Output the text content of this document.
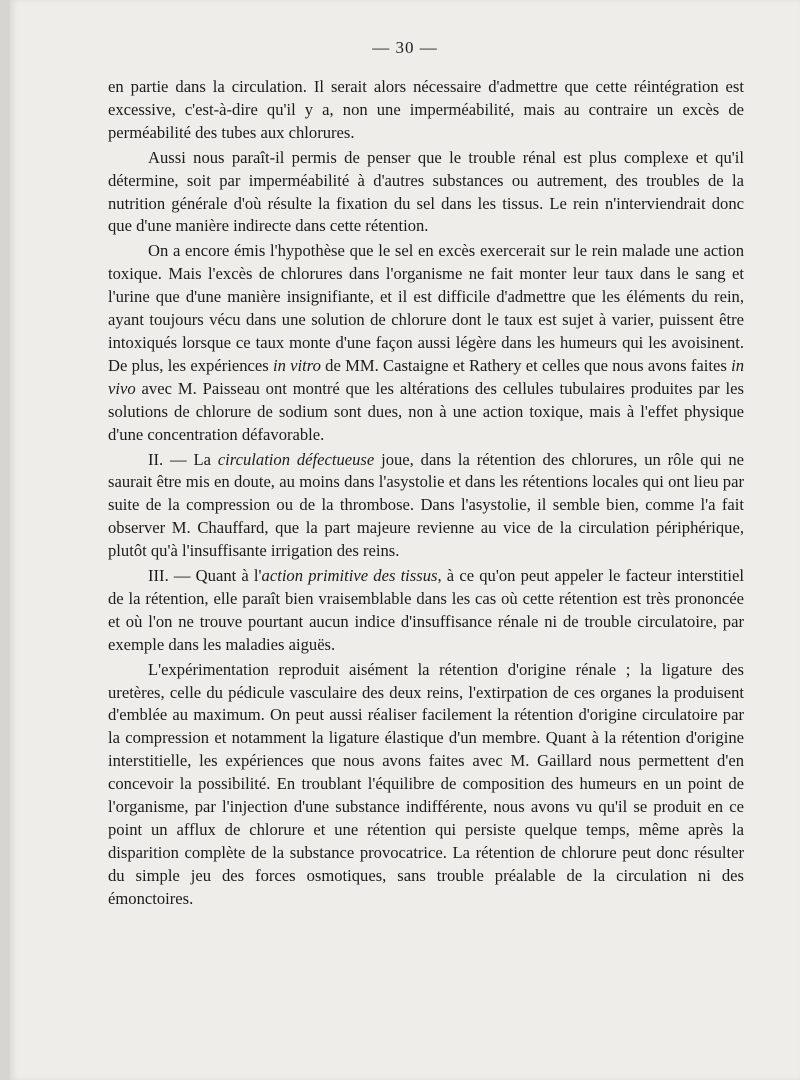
— 30 —

en partie dans la circulation. Il serait alors nécessaire d'admettre que cette réintégration est excessive, c'est-à-dire qu'il y a, non une imperméabilité, mais au contraire un excès de perméabilité des tubes aux chlorures.

Aussi nous paraît-il permis de penser que le trouble rénal est plus complexe et qu'il détermine, soit par imperméabilité à d'autres substances ou autrement, des troubles de la nutrition générale d'où résulte la fixation du sel dans les tissus. Le rein n'interviendrait donc que d'une manière indirecte dans cette rétention.

On a encore émis l'hypothèse que le sel en excès exercerait sur le rein malade une action toxique. Mais l'excès de chlorures dans l'organisme ne fait monter leur taux dans le sang et l'urine que d'une manière insignifiante, et il est difficile d'admettre que les éléments du rein, ayant toujours vécu dans une solution de chlorure dont le taux est sujet à varier, puissent être intoxiqués lorsque ce taux monte d'une façon aussi légère dans les humeurs qui les avoisinent. De plus, les expériences in vitro de MM. Castaigne et Rathery et celles que nous avons faites in vivo avec M. Paisseau ont montré que les altérations des cellules tubulaires produites par les solutions de chlorure de sodium sont dues, non à une action toxique, mais à l'effet physique d'une concentration défavorable.

II. — La circulation défectueuse joue, dans la rétention des chlorures, un rôle qui ne saurait être mis en doute, au moins dans l'asystolie et dans les rétentions locales qui ont lieu par suite de la compression ou de la thrombose. Dans l'asystolie, il semble bien, comme l'a fait observer M. Chauffard, que la part majeure revienne au vice de la circulation périphérique, plutôt qu'à l'insuffisante irrigation des reins.

III. — Quant à l'action primitive des tissus, à ce qu'on peut appeler le facteur interstitiel de la rétention, elle paraît bien vraisemblable dans les cas où cette rétention est très prononcée et où l'on ne trouve pourtant aucun indice d'insuffisance rénale ni de trouble circulatoire, par exemple dans les maladies aiguës.

L'expérimentation reproduit aisément la rétention d'origine rénale ; la ligature des uretères, celle du pédicule vasculaire des deux reins, l'extirpation de ces organes la produisent d'emblée au maximum. On peut aussi réaliser facilement la rétention d'origine circulatoire par la compression et notamment la ligature élastique d'un membre. Quant à la rétention d'origine interstitielle, les expériences que nous avons faites avec M. Gaillard nous permettent d'en concevoir la possibilité. En troublant l'équilibre de composition des humeurs en un point de l'organisme, par l'injection d'une substance indifférente, nous avons vu qu'il se produit en ce point un afflux de chlorure et une rétention qui persiste quelque temps, même après la disparition complète de la substance provocatrice. La rétention de chlorure peut donc résulter du simple jeu des forces osmotiques, sans trouble préalable de la circulation ni des émonctoires.
